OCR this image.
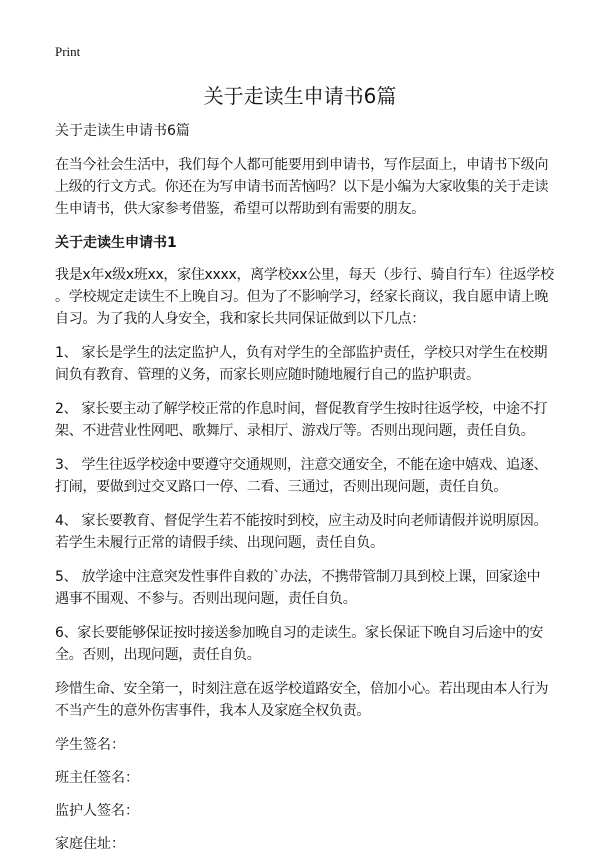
Print
关于走读生申请书6篇

关于走读生申请书6篇

在当今社会生活中，我们每个人都可能要用到申请书，写作层面上，申请书下级向
上级的行文方式。你还在为写申请书而苦恼吗？以下是小编为大家收集的关于走读
生申请书，供大家参考借鉴，希望可以帮助到有需要的朋友。

关于走读生申请书1

我是x年x级x班xx，家住xxxx，离学校xx公里，每天（步行、骑自行车）往返学校
。学校规定走读生不上晚自习。但为了不影响学习，经家长商议，我自愿申请上晚
自习。为了我的人身安全，我和家长共同保证做到以下几点：

1、 家长是学生的法定监护人，负有对学生的全部监护责任，学校只对学生在校期
间负有教育、管理的义务，而家长则应随时随地履行自己的监护职责。

2、 家长要主动了解学校正常的作息时间，督促教育学生按时往返学校，中途不打
架、不进营业性网吧、歌舞厅、录相厅、游戏厅等。否则出现问题，责任自负。

3、 学生往返学校途中要遵守交通规则，注意交通安全，不能在途中嬉戏、追逐、
打闹，要做到过交叉路口一停、二看、三通过，否则出现问题，责任自负。

4、 家长要教育、督促学生若不能按时到校，应主动及时向老师请假并说明原因。
若学生未履行正常的请假手续、出现问题，责任自负。

5、 放学途中注意突发性事件自救的`办法，不携带管制刀具到校上课，回家途中
遇事不围观、不参与。否则出现问题，责任自负。

6、家长要能够保证按时接送参加晚自习的走读生。家长保证下晚自习后途中的安
全。否则，出现问题，责任自负。

珍惜生命、安全第一，时刻注意在返学校道路安全，倍加小心。若出现由本人行为
不当产生的意外伤害事件，我本人及家庭全权负责。

学生签名：

班主任签名：

监护人签名：

家庭住址：
